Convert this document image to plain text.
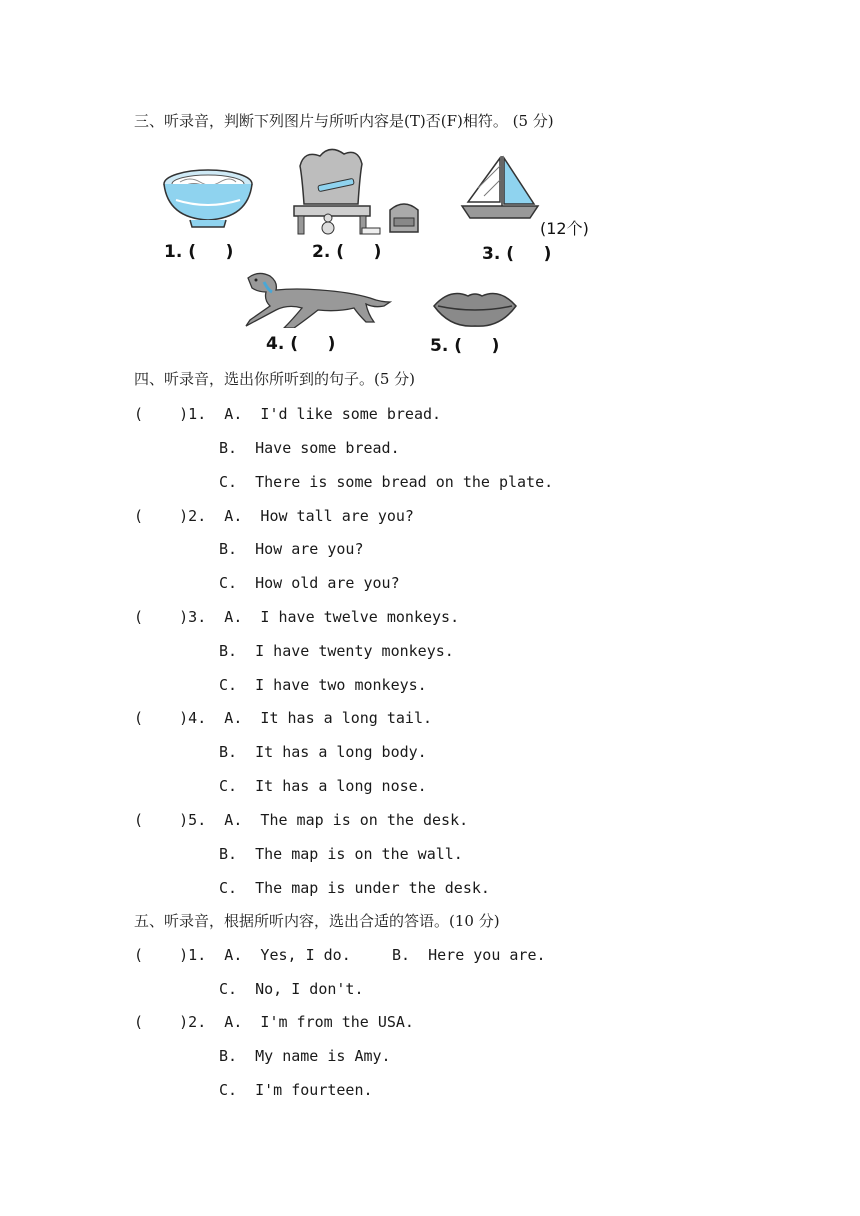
三、听录音，判断下列图片与所听内容是(T)否(F)相符。 (5 分)
1. (     )	2. (     )
(12个)
3. (     )
4. (     )	5. (     )
四、听录音，选出你所听到的句子。(5 分)
(    )1.  A.  I'd like some bread.
B.  Have some bread.
C.  There is some bread on the plate.
(    )2.  A.  How tall are you?
B.  How are you?
C.  How old are you?
(    )3.  A.  I have twelve monkeys.
B.  I have twenty monkeys.
C.  I have two monkeys.
(    )4.  A.  It has a long tail.
B.  It has a long body.
C.  It has a long nose.
(    )5.  A.  The map is on the desk.
B.  The map is on the wall.
C.  The map is under the desk.
五、听录音，根据所听内容，选出合适的答语。(10 分)
(    )1.  A.  Yes, I do.	B.  Here you are.
C.  No, I don't.
(    )2.  A.  I'm from the USA.
B.  My name is Amy.
C.  I'm fourteen.
